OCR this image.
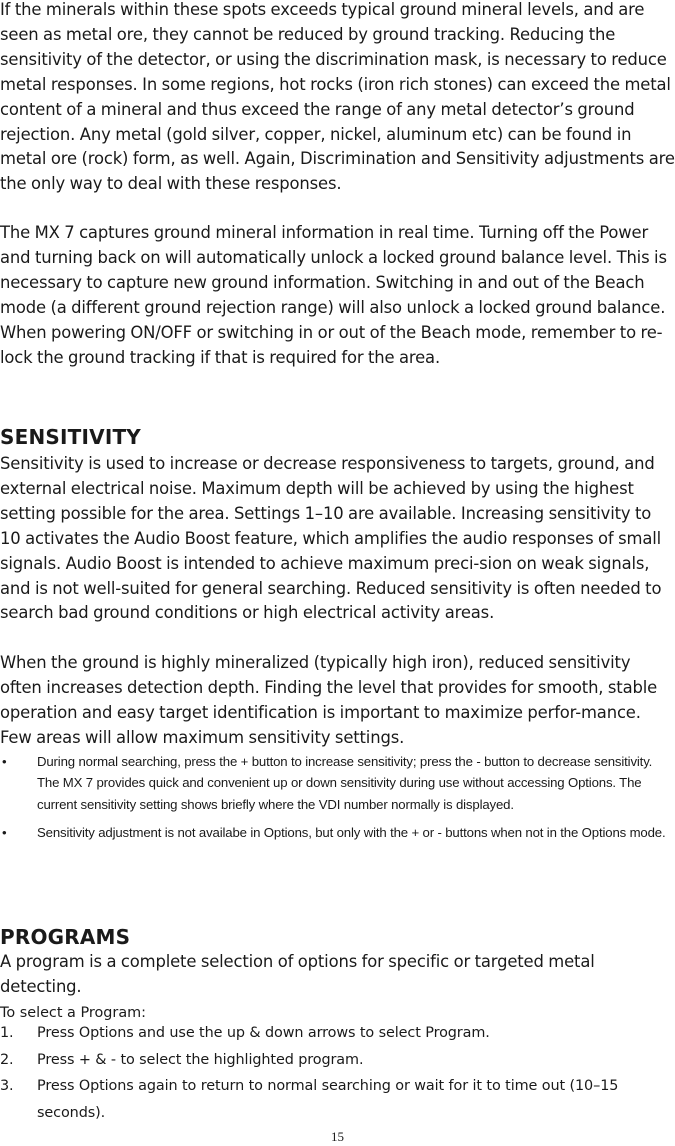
If the minerals within these spots exceeds typical ground mineral levels, and are seen as metal ore, they cannot be reduced by ground tracking. Reducing the sensitivity of the detector, or using the discrimination mask, is necessary to reduce metal responses. In some regions, hot rocks (iron rich stones) can exceed the metal content of a mineral and thus exceed the range of any metal detector’s ground rejection. Any metal (gold silver, copper, nickel, aluminum etc) can be found in metal ore (rock) form, as well. Again, Discrimination and Sensitivity adjustments are the only way to deal with these responses.

The MX 7 captures ground mineral information in real time. Turning off the Power and turning back on will automatically unlock a locked ground balance level. This is necessary to capture new ground information. Switching in and out of the Beach mode (a different ground rejection range) will also unlock a locked ground balance. When powering ON/OFF or switching in or out of the Beach mode, remember to re-lock the ground tracking if that is required for the area.

SENSITIVITY

Sensitivity is used to increase or decrease responsiveness to targets, ground, and external electrical noise. Maximum depth will be achieved by using the highest setting possible for the area. Settings 1–10 are available. Increasing sensitivity to 10 activates the Audio Boost feature, which amplifies the audio responses of small signals. Audio Boost is intended to achieve maximum preci-sion on weak signals, and is not well-suited for general searching. Reduced sensitivity is often needed to search bad ground conditions or high electrical activity areas.

When the ground is highly mineralized (typically high iron), reduced sensitivity often increases detection depth. Finding the level that provides for smooth, stable operation and easy target identification is important to maximize perfor-mance. Few areas will allow maximum sensitivity settings.

• During normal searching, press the + button to increase sensitivity; press the - button to decrease sensitivity. The MX 7 provides quick and convenient up or down sensitivity during use without accessing Options. The current sensitivity setting shows briefly where the VDI number normally is displayed.
• Sensitivity adjustment is not availabe in Options, but only with the + or - buttons when not in the Options mode.
PROGRAMS

A program is a complete selection of options for specific or targeted metal detecting.

To select a Program:

1. Press Options and use the up & down arrows to select Program.
2. Press + & - to select the highlighted program.
3. Press Options again to return to normal searching or wait for it to time out (10–15 seconds).

15
